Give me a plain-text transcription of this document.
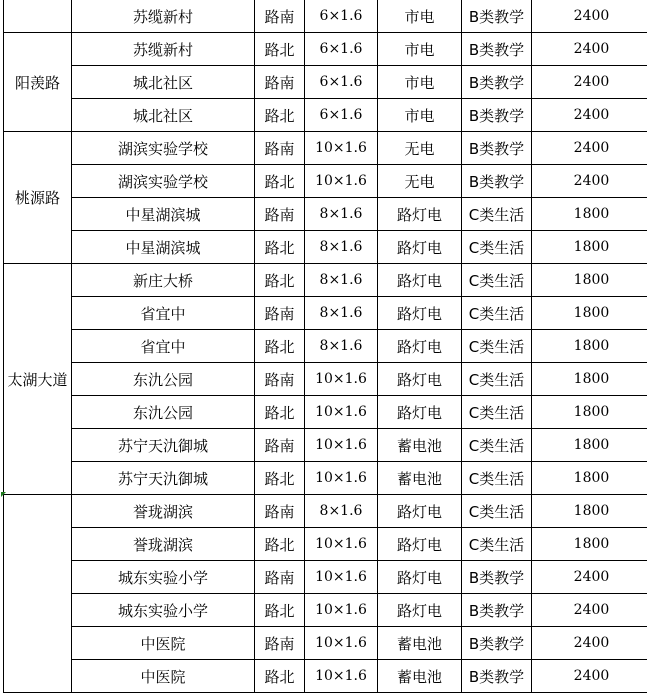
	苏缆新村	路南	6×1.6	市电	B类教学	2400
阳羡路	苏缆新村	路北	6×1.6	市电	B类教学	2400
	城北社区	路南	6×1.6	市电	B类教学	2400
	城北社区	路北	6×1.6	市电	B类教学	2400
桃源路	湖滨实验学校	路南	10×1.6	无电	B类教学	2400
	湖滨实验学校	路北	10×1.6	无电	B类教学	2400
	中星湖滨城	路南	8×1.6	路灯电	C类生活	1800
	中星湖滨城	路北	8×1.6	路灯电	C类生活	1800
太湖大道	新庄大桥	路北	8×1.6	路灯电	C类生活	1800
	省宜中	路南	8×1.6	路灯电	C类生活	1800
	省宜中	路北	8×1.6	路灯电	C类生活	1800
	东氿公园	路南	10×1.6	路灯电	C类生活	1800
	东氿公园	路北	10×1.6	路灯电	C类生活	1800
	苏宁天氿御城	路南	10×1.6	蓄电池	C类生活	1800
	苏宁天氿御城	路北	10×1.6	蓄电池	C类生活	1800
	誉珑湖滨	路南	8×1.6	路灯电	C类生活	1800
	誉珑湖滨	路北	10×1.6	路灯电	C类生活	1800
	城东实验小学	路南	10×1.6	路灯电	B类教学	2400
	城东实验小学	路北	10×1.6	路灯电	B类教学	2400
	中医院	路南	10×1.6	蓄电池	B类教学	2400
	中医院	路北	10×1.6	蓄电池	B类教学	2400
